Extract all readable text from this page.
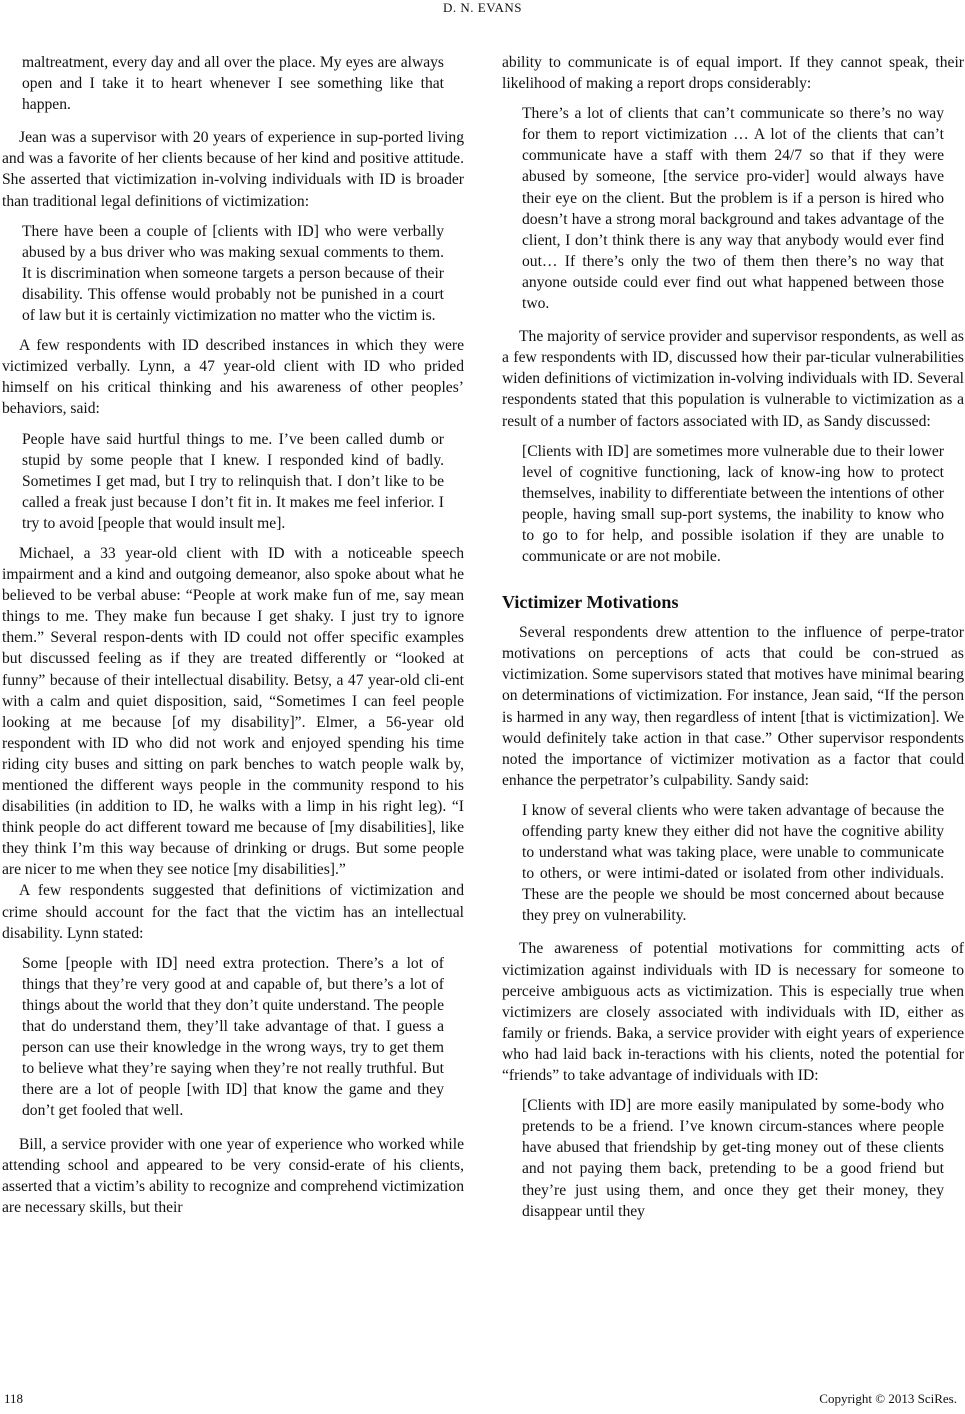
D. N. EVANS
maltreatment, every day and all over the place. My eyes are always open and I take it to heart whenever I see something like that happen.

Jean was a supervisor with 20 years of experience in sup-ported living and was a favorite of her clients because of her kind and positive attitude. She asserted that victimization in-volving individuals with ID is broader than traditional legal definitions of victimization:

There have been a couple of [clients with ID] who were verbally abused by a bus driver who was making sexual comments to them. It is discrimination when someone targets a person because of their disability. This offense would probably not be punished in a court of law but it is certainly victimization no matter who the victim is.

A few respondents with ID described instances in which they were victimized verbally. Lynn, a 47 year-old client with ID who prided himself on his critical thinking and his awareness of other peoples’ behaviors, said:

People have said hurtful things to me. I’ve been called dumb or stupid by some people that I knew. I responded kind of badly. Sometimes I get mad, but I try to relinquish that. I don’t like to be called a freak just because I don’t fit in. It makes me feel inferior. I try to avoid [people that would insult me].

Michael, a 33 year-old client with ID with a noticeable speech impairment and a kind and outgoing demeanor, also spoke about what he believed to be verbal abuse: “People at work make fun of me, say mean things to me. They make fun because I get shaky. I just try to ignore them.” Several respon-dents with ID could not offer specific examples but discussed feeling as if they are treated differently or “looked at funny” because of their intellectual disability. Betsy, a 47 year-old cli-ent with a calm and quiet disposition, said, “Sometimes I can feel people looking at me because [of my disability]”. Elmer, a 56-year old respondent with ID who did not work and enjoyed spending his time riding city buses and sitting on park benches to watch people walk by, mentioned the different ways people in the community respond to his disabilities (in addition to ID, he walks with a limp in his right leg). “I think people do act different toward me because of [my disabilities], like they think I’m this way because of drinking or drugs. But some people are nicer to me when they see notice [my disabilities].”

A few respondents suggested that definitions of victimization and crime should account for the fact that the victim has an intellectual disability. Lynn stated:

Some [people with ID] need extra protection. There’s a lot of things that they’re very good at and capable of, but there’s a lot of things about the world that they don’t quite understand. The people that do understand them, they’ll take advantage of that. I guess a person can use their knowledge in the wrong ways, try to get them to believe what they’re saying when they’re not really truthful. But there are a lot of people [with ID] that know the game and they don’t get fooled that well.

Bill, a service provider with one year of experience who worked while attending school and appeared to be very consid-erate of his clients, asserted that a victim’s ability to recognize and comprehend victimization are necessary skills, but their

ability to communicate is of equal import. If they cannot speak, their likelihood of making a report drops considerably:

There’s a lot of clients that can’t communicate so there’s no way for them to report victimization … A lot of the clients that can’t communicate have a staff with them 24/7 so that if they were abused by someone, [the service pro-vider] would always have their eye on the client. But the problem is if a person is hired who doesn’t have a strong moral background and takes advantage of the client, I don’t think there is any way that anybody would ever find out… If there’s only the two of them then there’s no way that anyone outside could ever find out what happened between those two.

The majority of service provider and supervisor respondents, as well as a few respondents with ID, discussed how their par-ticular vulnerabilities widen definitions of victimization in-volving individuals with ID. Several respondents stated that this population is vulnerable to victimization as a result of a number of factors associated with ID, as Sandy discussed:

[Clients with ID] are sometimes more vulnerable due to their lower level of cognitive functioning, lack of know-ing how to protect themselves, inability to differentiate between the intentions of other people, having small sup-port systems, the inability to know who to go to for help, and possible isolation if they are unable to communicate or are not mobile.
Victimizer Motivations

Several respondents drew attention to the influence of perpe-trator motivations on perceptions of acts that could be con-strued as victimization. Some supervisors stated that motives have minimal bearing on determinations of victimization. For instance, Jean said, “If the person is harmed in any way, then regardless of intent [that is victimization]. We would definitely take action in that case.” Other supervisor respondents noted the importance of victimizer motivation as a factor that could enhance the perpetrator’s culpability. Sandy said:

I know of several clients who were taken advantage of because the offending party knew they either did not have the cognitive ability to understand what was taking place, were unable to communicate to others, or were intimi-dated or isolated from other individuals. These are the people we should be most concerned about because they prey on vulnerability.

The awareness of potential motivations for committing acts of victimization against individuals with ID is necessary for someone to perceive ambiguous acts as victimization. This is especially true when victimizers are closely associated with individuals with ID, either as family or friends. Baka, a service provider with eight years of experience who had laid back in-teractions with his clients, noted the potential for “friends” to take advantage of individuals with ID:

[Clients with ID] are more easily manipulated by some-body who pretends to be a friend. I’ve known circum-stances where people have abused that friendship by get-ting money out of these clients and not paying them back, pretending to be a good friend but they’re just using them, and once they get their money, they disappear until they
118	Copyright © 2013 SciRes.
